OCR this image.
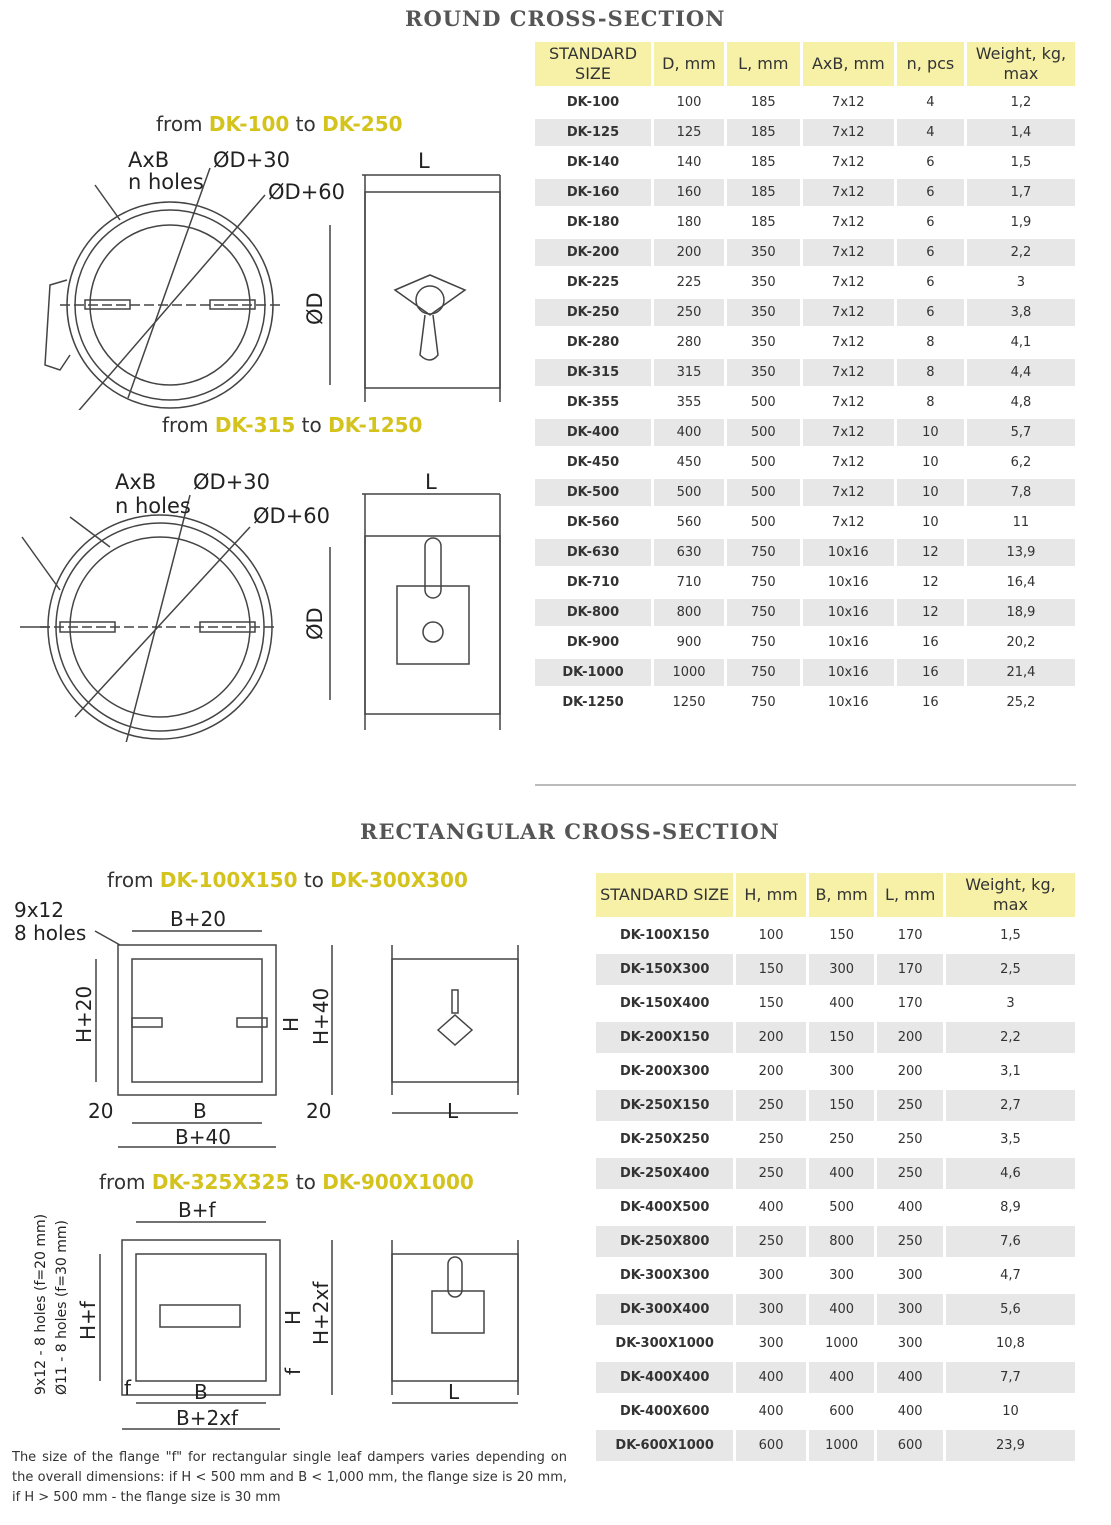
ROUND CROSS-SECTION
from DK-100 to DK-250
from DK-315 to DK-1250
AxB
n holes
ØD+30
ØD+60
L
ØD
AxB
n holes
ØD+30
ØD+60
L
ØD
STANDARD SIZE	D, mm	L, mm	AxB, mm	n, pcs	Weight, kg, max
DK-100	100	185	7x12	4	1,2
DK-125	125	185	7x12	4	1,4
DK-140	140	185	7x12	6	1,5
DK-160	160	185	7x12	6	1,7
DK-180	180	185	7x12	6	1,9
DK-200	200	350	7x12	6	2,2
DK-225	225	350	7x12	6	3
DK-250	250	350	7x12	6	3,8
DK-280	280	350	7x12	8	4,1
DK-315	315	350	7x12	8	4,4
DK-355	355	500	7x12	8	4,8
DK-400	400	500	7x12	10	5,7
DK-450	450	500	7x12	10	6,2
DK-500	500	500	7x12	10	7,8
DK-560	560	500	7x12	10	11
DK-630	630	750	10x16	12	13,9
DK-710	710	750	10x16	12	16,4
DK-800	800	750	10x16	12	18,9
DK-900	900	750	10x16	16	20,2
DK-1000	1000	750	10x16	16	21,4
DK-1250	1250	750	10x16	16	25,2
RECTANGULAR CROSS-SECTION
from DK-100X150 to DK-300X300
from DK-325X325 to DK-900X1000
9x12
8 holes
B+20
H+20	H H+40
20	20
B
B+40
L
B+f
9x12 - 8 holes (f=20 mm) Ø11 - 8 holes (f=30 mm) H+f	H H+2xf
f
f
B
B+2xf
L
STANDARD SIZE	H, mm	B, mm	L, mm	Weight, kg, max
DK-100X150	100	150	170	1,5
DK-150X300	150	300	170	2,5
DK-150X400	150	400	170	3
DK-200X150	200	150	200	2,2
DK-200X300	200	300	200	3,1
DK-250X150	250	150	250	2,7
DK-250X250	250	250	250	3,5
DK-250X400	250	400	250	4,6
DK-400X500	400	500	400	8,9
DK-250X800	250	800	250	7,6
DK-300X300	300	300	300	4,7
DK-300X400	300	400	300	5,6
DK-300X1000	300	1000	300	10,8
DK-400X400	400	400	400	7,7
DK-400X600	400	600	400	10
DK-600X1000	600	1000	600	23,9
The size of the flange "f" for rectangular single leaf dampers varies depending on the overall dimensions: if H < 500 mm and B < 1,000 mm, the flange size is 20 mm, if H > 500 mm - the flange size is 30 mm
